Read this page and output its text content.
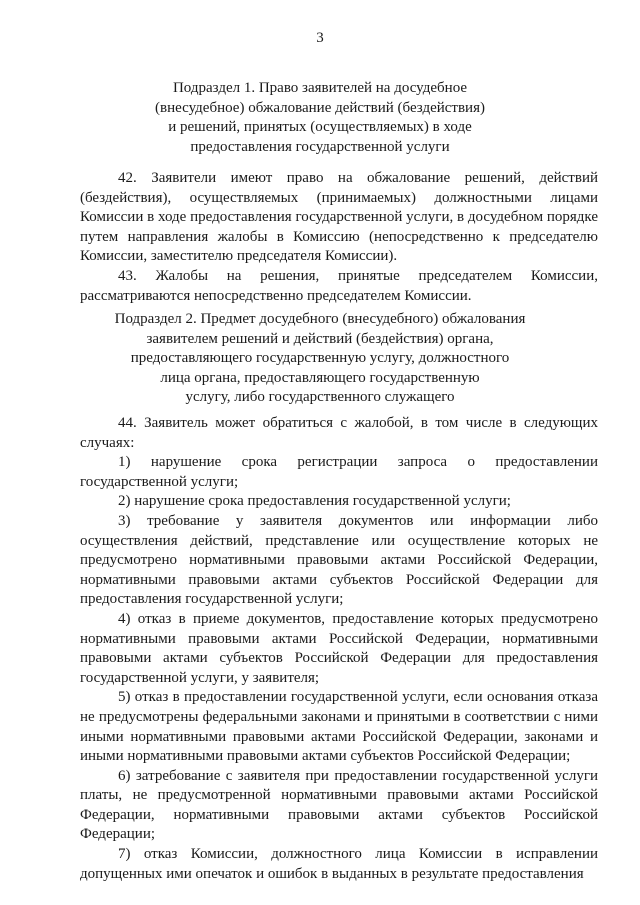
3
Подраздел 1. Право заявителей на досудебное
(внесудебное) обжалование действий (бездействия)
и решений, принятых (осуществляемых) в ходе
предоставления государственной услуги

42. Заявители имеют право на обжалование решений, действий (бездействия), осуществляемых (принимаемых) должностными лицами Комиссии в ходе предоставления государственной услуги, в досудебном порядке путем направления жалобы в Комиссию (непосредственно к председателю Комиссии, заместителю председателя Комиссии).

43. Жалобы на решения, принятые председателем Комиссии, рассматриваются непосредственно председателем Комиссии.

Подраздел 2. Предмет досудебного (внесудебного) обжалования
заявителем решений и действий (бездействия) органа,
предоставляющего государственную услугу, должностного
лица органа, предоставляющего государственную
услугу, либо государственного служащего

44. Заявитель может обратиться с жалобой, в том числе в следующих случаях:

1) нарушение срока регистрации запроса о предоставлении государственной услуги;

2) нарушение срока предоставления государственной услуги;

3) требование у заявителя документов или информации либо осуществления действий, представление или осуществление которых не предусмотрено нормативными правовыми актами Российской Федерации, нормативными правовыми актами субъектов Российской Федерации для предоставления государственной услуги;

4) отказ в приеме документов, предоставление которых предусмотрено нормативными правовыми актами Российской Федерации, нормативными правовыми актами субъектов Российской Федерации для предоставления государственной услуги, у заявителя;

5) отказ в предоставлении государственной услуги, если основания отказа не предусмотрены федеральными законами и принятыми в соответствии с ними иными нормативными правовыми актами Российской Федерации, законами и иными нормативными правовыми актами субъектов Российской Федерации;

6) затребование с заявителя при предоставлении государственной услуги платы, не предусмотренной нормативными правовыми актами Российской Федерации, нормативными правовыми актами субъектов Российской Федерации;

7) отказ Комиссии, должностного лица Комиссии в исправлении допущенных ими опечаток и ошибок в выданных в результате предоставления
